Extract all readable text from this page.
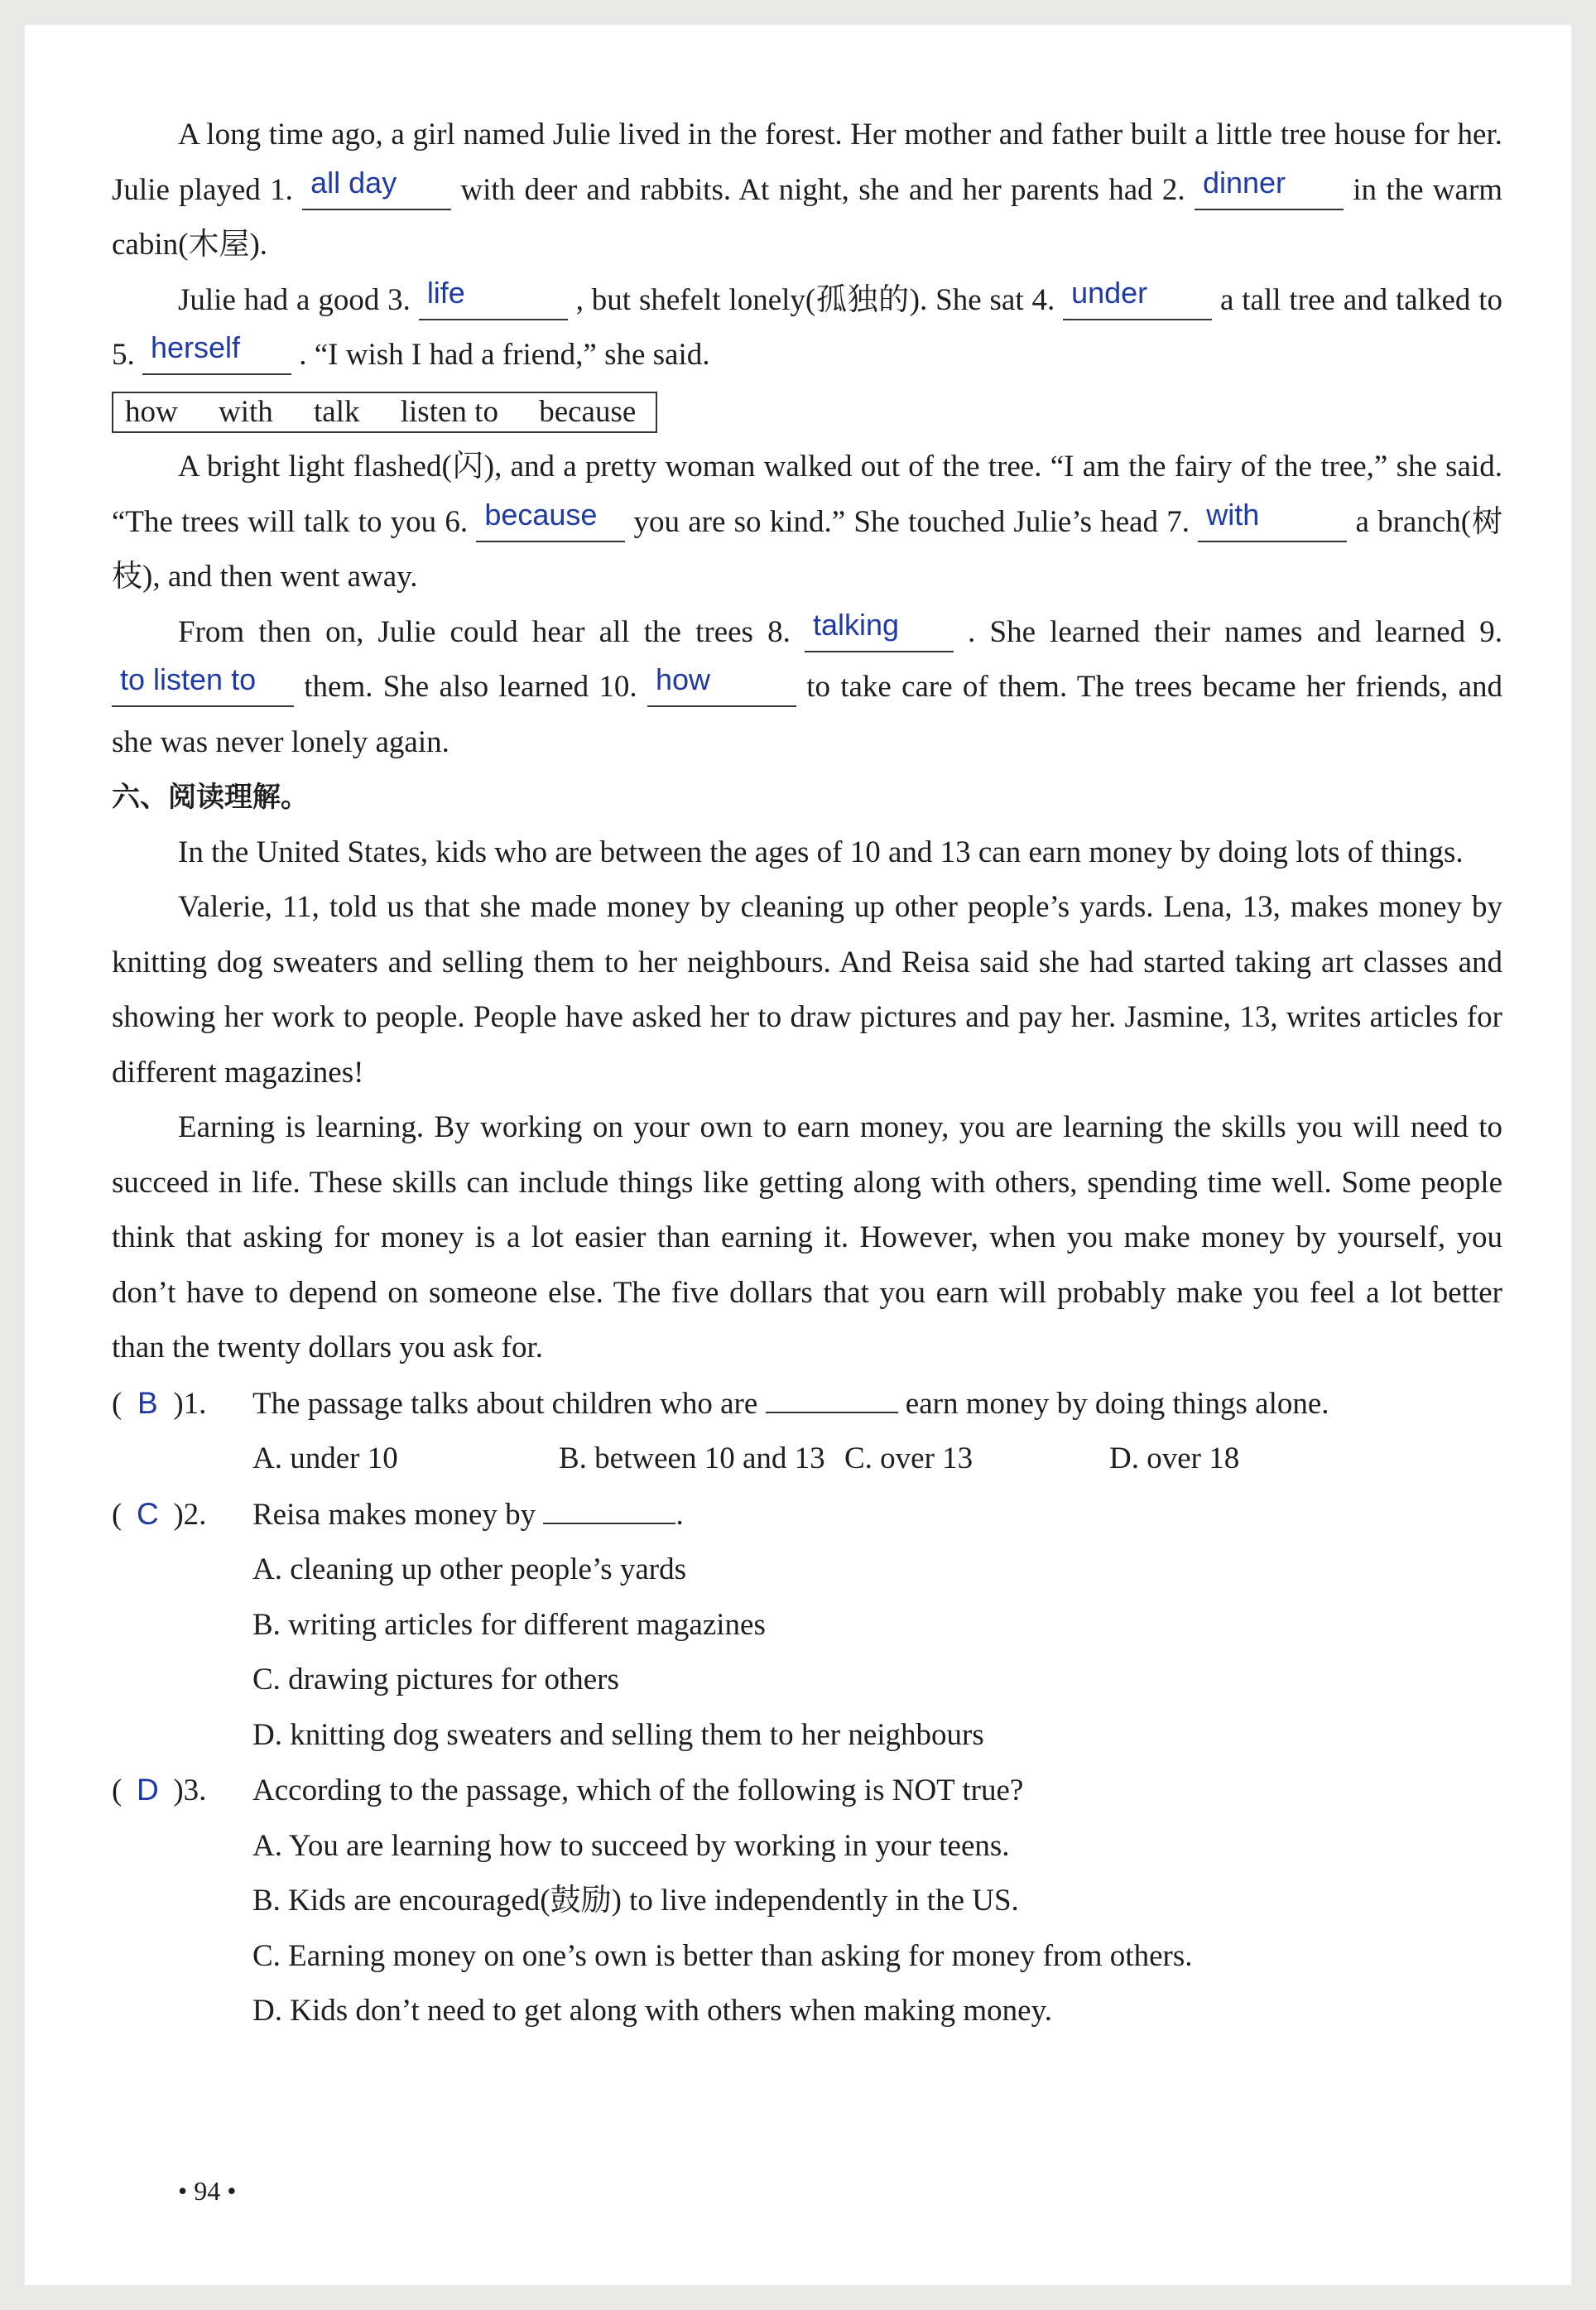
A long time ago, a girl named Julie lived in the forest. Her mother and father built a little tree house for her. Julie played 1. all day with deer and rabbits. At night, she and her parents had 2. dinner in the warm cabin(木屋).

Julie had a good 3. life	, but shefelt lonely(孤独的). She sat 4. under a tall tree and talked to 5. herself . “I wish I had a friend,” she said.

how with talk listen to because

A bright light flashed(闪), and a pretty woman walked out of the tree. “I am the fairy of the tree,” she said. “The trees will talk to you 6. because you are so kind.” She touched Julie’s head 7. with	a branch(树枝), and then went away.

From then on, Julie could hear all the trees 8. talking . She learned their names and learned 9. to listen to them. She also learned 10. how	to take care of them. The trees became her friends, and she was never lonely again.

六、阅读理解。

In the United States, kids who are between the ages of 10 and 13 can earn money by doing lots of things.

Valerie, 11, told us that she made money by cleaning up other people’s yards. Lena, 13, makes money by knitting dog sweaters and selling them to her neighbours. And Reisa said she had started taking art classes and showing her work to people. People have asked her to draw pictures and pay her. Jasmine, 13, writes articles for different magazines!

Earning is learning. By working on your own to earn money, you are learning the skills you will need to succeed in life. These skills can include things like getting along with others, spending time well. Some people think that asking for money is a lot easier than earning it. However, when you make money by yourself, you don’t have to depend on someone else. The five dollars that you earn will probably make you feel a lot better than the twenty dollars you ask for.

( B )1.	The passage talks about children who are	earn money by doing things alone.
A. under 10	B. between 10 and 13 C. over 13	D. over 18
( C )2.	Reisa makes money by	.

A. cleaning up other people’s yards

B. writing articles for different magazines

C. drawing pictures for others

D. knitting dog sweaters and selling them to her neighbours

( D )3.	According to the passage, which of the following is NOT true?

A. You are learning how to succeed by working in your teens.

B. Kids are encouraged(鼓励) to live independently in the US.

C. Earning money on one’s own is better than asking for money from others.

D. Kids don’t need to get along with others when making money.

• 94 •
